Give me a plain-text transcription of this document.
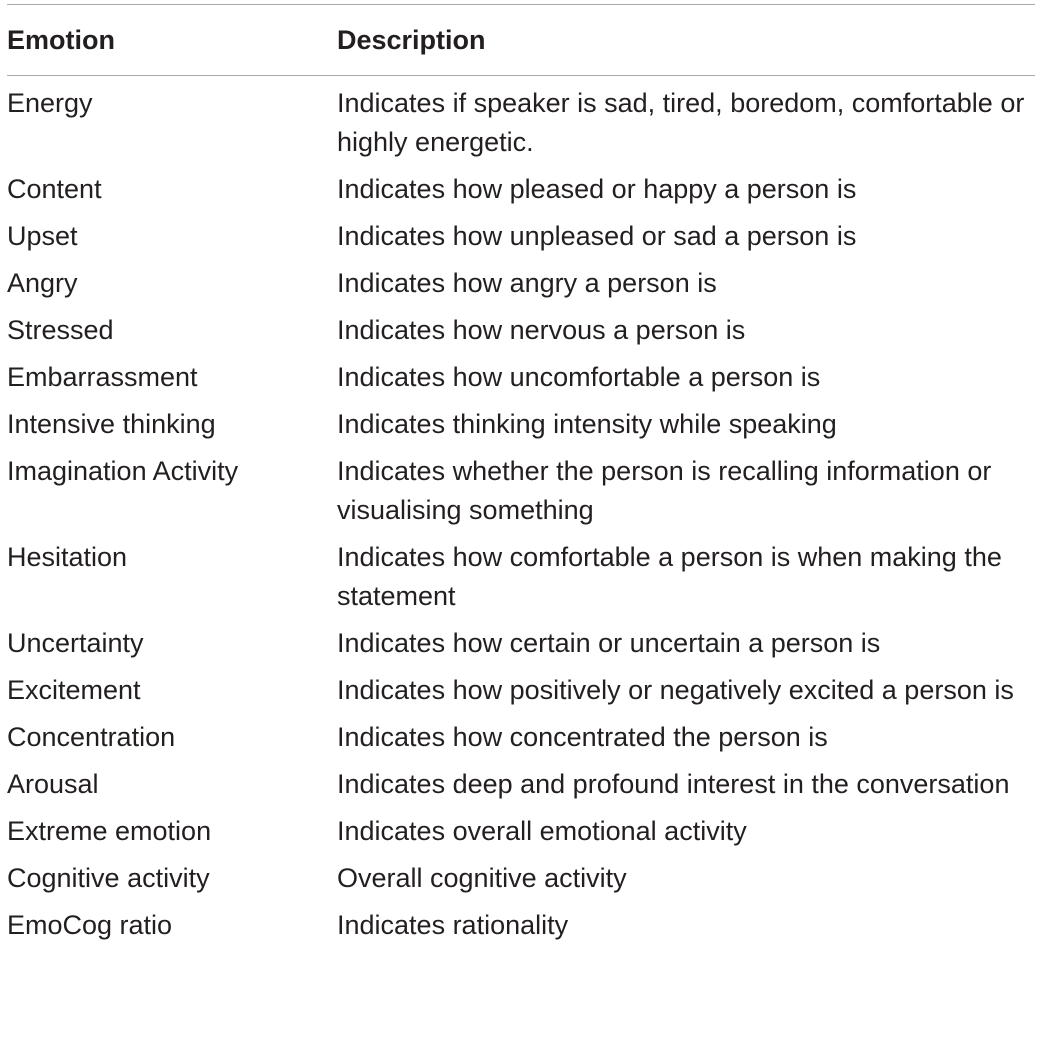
Emotion	Description
Energy	Indicates if speaker is sad, tired, boredom, comfortable or highly energetic.
Content	Indicates how pleased or happy a person is
Upset	Indicates how unpleased or sad a person is
Angry	Indicates how angry a person is
Stressed	Indicates how nervous a person is
Embarrassment	Indicates how uncomfortable a person is
Intensive thinking	Indicates thinking intensity while speaking
Imagination Activity	Indicates whether the person is recalling information or visualising something
Hesitation	Indicates how comfortable a person is when making the statement
Uncertainty	Indicates how certain or uncertain a person is
Excitement	Indicates how positively or negatively excited a person is
Concentration	Indicates how concentrated the person is
Arousal	Indicates deep and profound interest in the conversation
Extreme emotion	Indicates overall emotional activity
Cognitive activity	Overall cognitive activity
EmoCog ratio	Indicates rationality
